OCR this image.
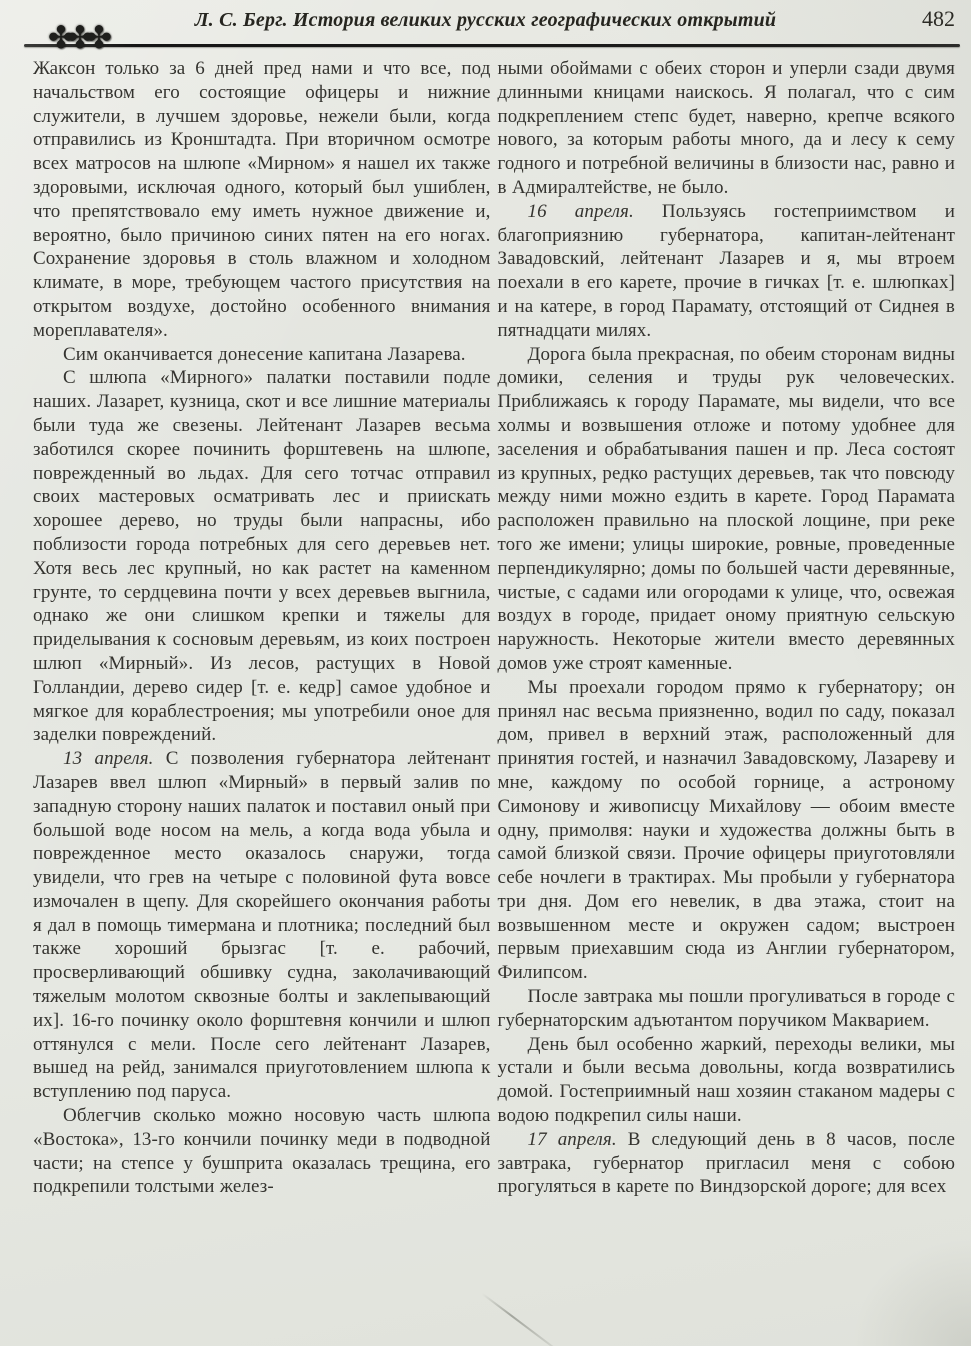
Л. С. Берг. История великих русских географических открытий	482
✤✤✤

Жаксон только за 6 дней пред нами и что все, под начальством его состоящие офицеры и нижние служители, в лучшем здоровье, нежели были, когда отправились из Кронштадта. При вторичном осмотре всех матросов на шлюпе «Мирном» я нашел их также здоровыми, исключая одного, который был ушиблен, что препятствовало ему иметь нужное движение и, вероятно, было причиною синих пятен на его ногах. Сохранение здоровья в столь влажном и холодном климате, в море, требующем частого присутствия на открытом воздухе, достойно особенного внимания мореплавателя».

Сим оканчивается донесение капитана Лазарева.

С шлюпа «Мирного» палатки поставили подле наших. Лазарет, кузница, скот и все лишние материалы были туда же свезены. Лейтенант Лазарев весьма заботился скорее починить форштевень на шлюпе, поврежденный во льдах. Для сего тотчас отправил своих мастеровых осматривать лес и приискать хорошее дерево, но труды были напрасны, ибо поблизости города потребных для сего деревьев нет. Хотя весь лес крупный, но как растет на каменном грунте, то сердцевина почти у всех деревьев выгнила, однако же они слишком крепки и тяжелы для приделывания к сосновым деревьям, из коих построен шлюп «Мирный». Из лесов, растущих в Новой Голландии, дерево сидер [т. е. кедр] самое удобное и мягкое для кораблестроения; мы употребили оное для заделки повреждений.

13 апреля. С позволения губернатора лейтенант Лазарев ввел шлюп «Мирный» в первый залив по западную сторону наших палаток и поставил оный при большой воде носом на мель, а когда вода убыла и поврежденное место оказалось снаружи, тогда увидели, что грев на четыре с половиной фута вовсе измочален в щепу. Для скорейшего окончания работы я дал в помощь тимермана и плотника; последний был также хороший брызгас [т. е. рабочий, просверливающий обшивку судна, заколачивающий тяжелым молотом сквозные болты и заклепывающий их]. 16-го починку около форштевня кончили и шлюп оттянулся с мели. После сего лейтенант Лазарев, вышед на рейд, занимался приуготовлением шлюпа к вступлению под паруса.

Облегчив сколько можно носовую часть шлюпа «Востока», 13-го кончили починку меди в подводной части; на степсе у бушприта оказалась трещина, его подкрепили толстыми желез-

ными обоймами с обеих сторон и уперли сзади двумя длинными кницами наискось. Я полагал, что с сим подкреплением степс будет, наверно, крепче всякого нового, за которым работы много, да и лесу к сему годного и потребной величины в близости нас, равно и в Адмиралтействе, не было.

16 апреля. Пользуясь гостеприимством и благоприязнию губернатора, капитан-лейтенант Завадовский, лейтенант Лазарев и я, мы втроем поехали в его карете, прочие в гичках [т. е. шлюпках] и на катере, в город Парамату, отстоящий от Сиднея в пятнадцати милях.

Дорога была прекрасная, по обеим сторонам видны домики, селения и труды рук человеческих. Приближаясь к городу Парамате, мы видели, что все холмы и возвышения отложе и потому удобнее для заселения и обрабатывания пашен и пр. Леса состоят из крупных, редко растущих деревьев, так что повсюду между ними можно ездить в карете. Город Парамата расположен правильно на плоской лощине, при реке того же имени; улицы широкие, ровные, проведенные перпендикулярно; домы по большей части деревянные, чистые, с садами или огородами к улице, что, освежая воздух в городе, придает оному приятную сельскую наружность. Некоторые жители вместо деревянных домов уже строят каменные.

Мы проехали городом прямо к губернатору; он принял нас весьма приязненно, водил по саду, показал дом, привел в верхний этаж, расположенный для принятия гостей, и назначил Завадовскому, Лазареву и мне, каждому по особой горнице, а астроному Симонову и живописцу Михайлову — обоим вместе одну, примолвя: науки и художества должны быть в самой близкой связи. Прочие офицеры приуготовляли себе ночлеги в трактирах. Мы пробыли у губернатора три дня. Дом его невелик, в два этажа, стоит на возвышенном месте и окружен садом; выстроен первым приехавшим сюда из Англии губернатором, Филипсом.

После завтрака мы пошли прогуливаться в городе с губернаторским адъютантом поручиком Макварием.

День был особенно жаркий, переходы велики, мы устали и были весьма довольны, когда возвратились домой. Гостеприимный наш хозяин стаканом мадеры с водою подкрепил силы наши.

17 апреля. В следующий день в 8 часов, после завтрака, губернатор пригласил меня с собою прогуляться в карете по Виндзорской дороге; для всех
